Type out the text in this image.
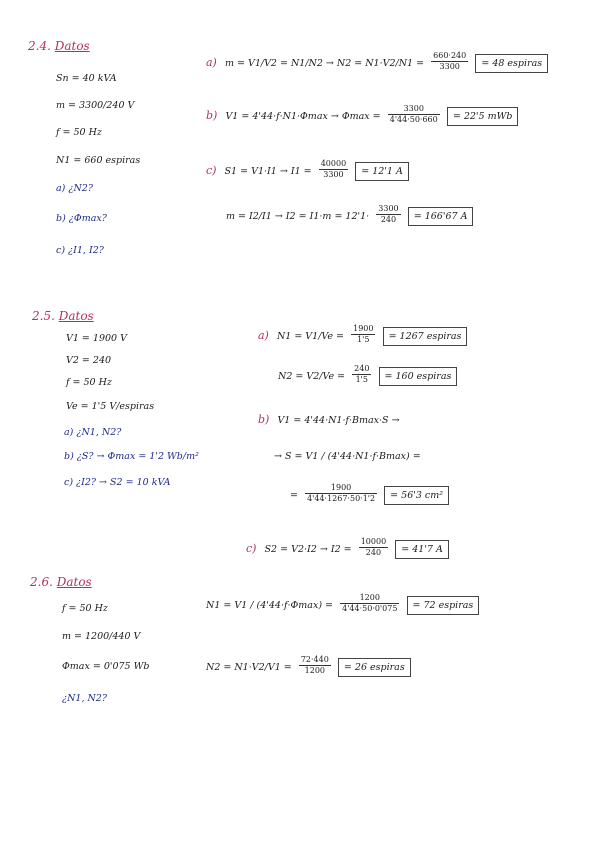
2.4. Datos
Sn = 40 kVA
m = 3300/240 V
f = 50 Hz
N1 = 660 espiras
a) ¿N2?
b) ¿Φmax?
c) ¿I1, I2?
a) $m = V1/V2 = N1/N2 \to N2 = N1\cdot V2/N1 = \frac{660\cdot 240}{3300} = 48$ espiras
b) $V1 = 4'44\cdot f\cdot N1\cdot\Phi\max \to \Phi\max = \frac{3300}{4'44\cdot 50\cdot 660} = 22'5$ mWb
c) $S1 = V1\cdot I1 \to I1 = \frac{40000}{3300} = 12'1$ A
$m = I2/I1 \to I2 = I1\cdot m = 12'1\cdot \frac{3300}{240} = 166'67$ A
2.5. Datos
V1 = 1900 V
V2 = 240
f = 50 Hz
Ve = 1'5 V/espiras
a) ¿N1, N2?
b) ¿S? → Φmax = 1'2 Wb/m²
c) ¿I2? → S2 = 10 kVA
a) $N1 = V1/Ve = \frac{1900}{1'5} = 1267$ espiras
$N2 = V2/Ve = \frac{240}{1'5} = 160$ espiras
b) V1 = 4'44·N1·f·Bmax·S →
→ S = V1 / (4'44·N1·f·Bmax) =
= $\frac{1900}{4'44\cdot 1267\cdot 50\cdot 1'2} = 56'3$ cm²
c) $S2 = V2\cdot I2 \to I2 = \frac{10000}{240} = 41'7$ A
2.6. Datos
f = 50 Hz
m = 1200/440 V
Φmax = 0'075 Wb
¿N1, N2?
$N1 = V1 / (4'44\cdot f\cdot\Phi\max) = \frac{1200}{4'44\cdot 50\cdot 0'075} = 72$ espiras
$N2 = N1\cdot V2/V1 = \frac{72\cdot 440}{1200} = 26$ espiras
